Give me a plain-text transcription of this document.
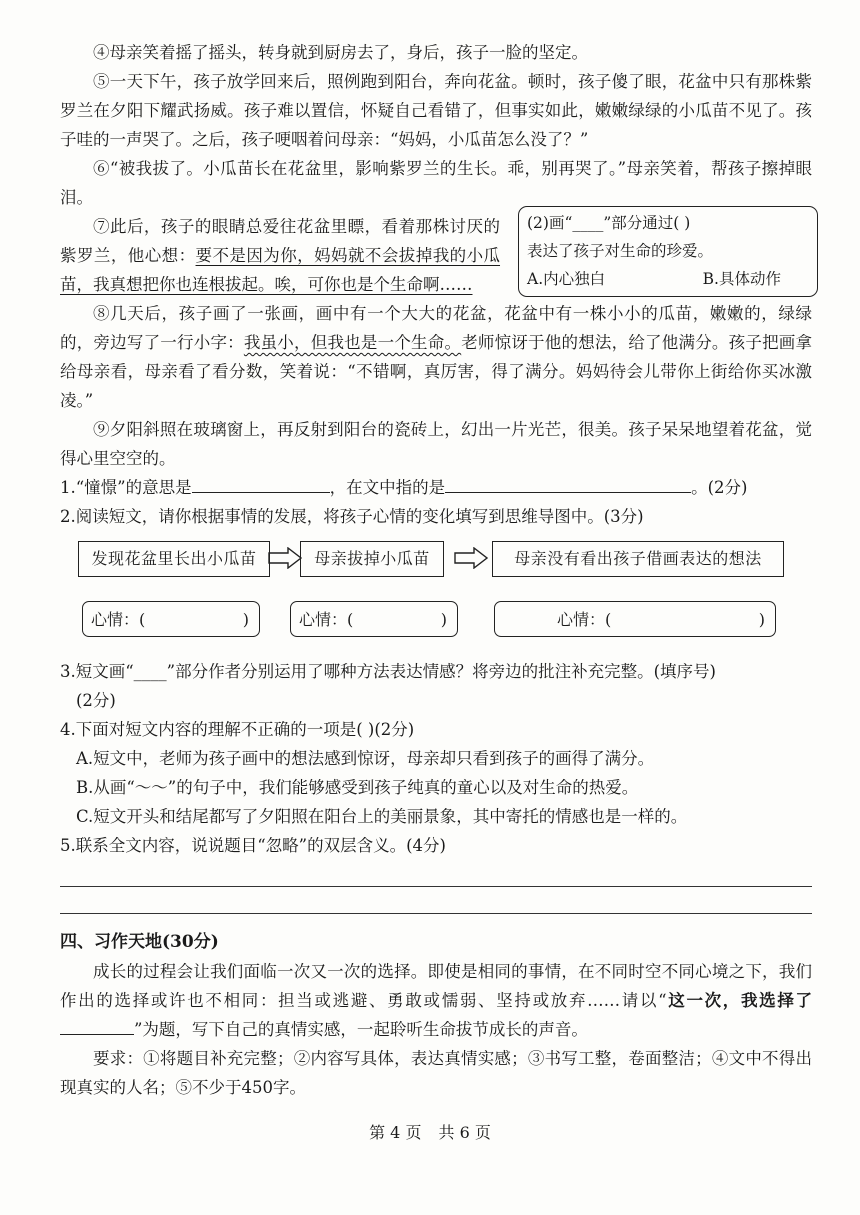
④母亲笑着摇了摇头，转身就到厨房去了，身后，孩子一脸的坚定。

⑤一天下午，孩子放学回来后，照例跑到阳台，奔向花盆。顿时，孩子傻了眼，花盆中只有那株紫罗兰在夕阳下耀武扬威。孩子难以置信，怀疑自己看错了，但事实如此，嫩嫩绿绿的小瓜苗不见了。孩子哇的一声哭了。之后，孩子哽咽着问母亲：“妈妈，小瓜苗怎么没了？”

⑥“被我拔了。小瓜苗长在花盆里，影响紫罗兰的生长。乖，别再哭了。”母亲笑着，帮孩子擦掉眼泪。

⑦此后，孩子的眼睛总爱往花盆里瞟，看着那株讨厌的紫罗兰，他心想：要不是因为你，妈妈就不会拔掉我的小瓜苗，我真想把你也连根拔起。唉，可你也是个生命啊……

(2)画“____”部分通过( )
表达了孩子对生命的珍爱。
A.内心独白	B.具体动作

⑧几天后，孩子画了一张画，画中有一个大大的花盆，花盆中有一株小小的瓜苗，嫩嫩的，绿绿的，旁边写了一行小字：我虽小，但我也是一个生命。老师惊讶于他的想法，给了他满分。孩子把画拿给母亲看，母亲看了看分数，笑着说：“不错啊，真厉害，得了满分。妈妈待会儿带你上街给你买冰激凌。”

⑨夕阳斜照在玻璃窗上，再反射到阳台的瓷砖上，幻出一片光芒，很美。孩子呆呆地望着花盆，觉得心里空空的。

1.“憧憬”的意思是	，在文中指的是	。(2分)
2.阅读短文，请你根据事情的发展，将孩子心情的变化填写到思维导图中。(3分)
发现花盆里长出小瓜苗	母亲拔掉小瓜苗	母亲没有看出孩子借画表达的想法
心情：(	)	心情：(	)	心情：(	)
3.短文画“____”部分作者分别运用了哪种方法表达情感？将旁边的批注补充完整。(填序号)
(2分)
4.下面对短文内容的理解不正确的一项是( )(2分)
A.短文中，老师为孩子画中的想法感到惊讶，母亲却只看到孩子的画得了满分。
B.从画“～～”的句子中，我们能够感受到孩子纯真的童心以及对生命的热爱。
C.短文开头和结尾都写了夕阳照在阳台上的美丽景象，其中寄托的情感也是一样的。
5.联系全文内容，说说题目“忽略”的双层含义。(4分)
四、习作天地(30分)

成长的过程会让我们面临一次又一次的选择。即使是相同的事情，在不同时空不同心境之下，我们作出的选择或许也不相同：担当或逃避、勇敢或懦弱、坚持或放弃……请以“这一次，我选择了”为题，写下自己的真情实感，一起聆听生命拔节成长的声音。

要求：①将题目补充完整；②内容写具体，表达真情实感；③书写工整，卷面整洁；④文中不得出现真实的人名；⑤不少于450字。

第 4 页 共 6 页
